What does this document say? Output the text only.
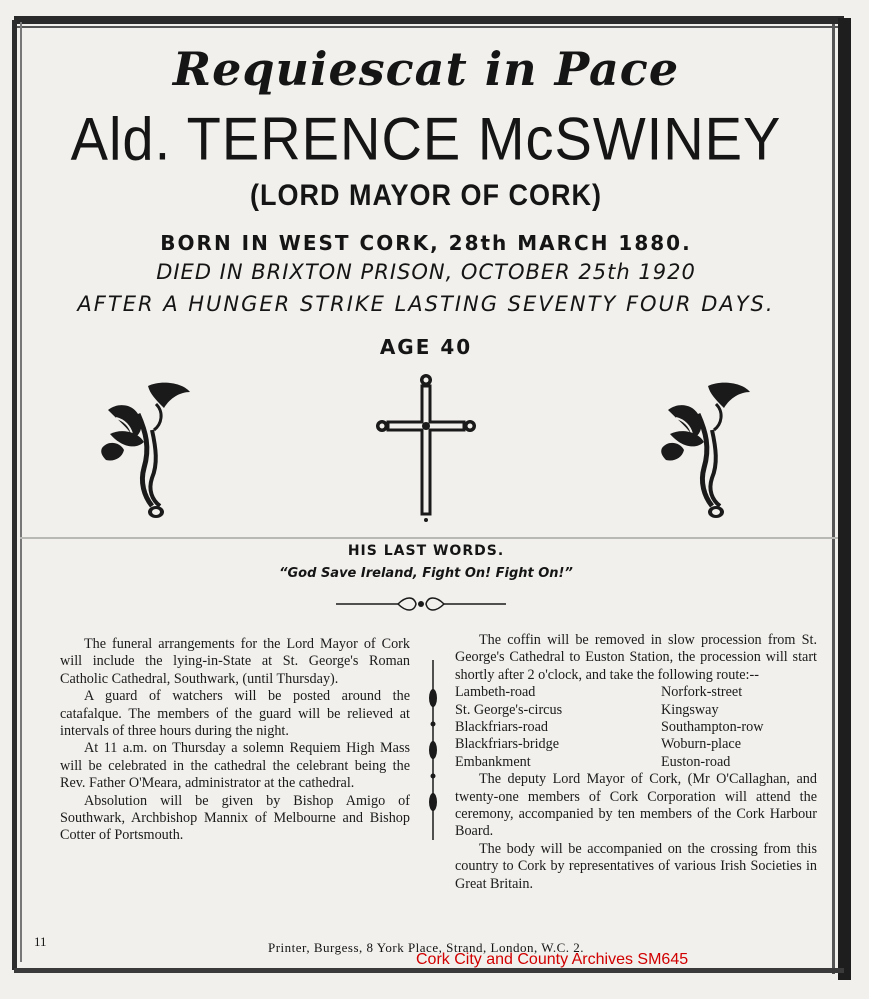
Requiescat in Pace
Ald. TERENCE McSWINEY
(LORD MAYOR OF CORK)
BORN IN WEST CORK, 28th MARCH 1880.
DIED IN BRIXTON PRISON, OCTOBER 25th 1920
AFTER A HUNGER STRIKE LASTING SEVENTY FOUR DAYS.
AGE 40
HIS LAST WORDS.
“God Save Ireland, Fight On! Fight On!”

The funeral arrangements for the Lord Mayor of Cork will include the lying-in-State at St. George's Roman Catholic Cathedral, Southwark, (until Thursday).

A guard of watchers will be posted around the catafalque. The members of the guard will be relieved at intervals of three hours during the night.

At 11 a.m. on Thursday a solemn Requiem High Mass will be celebrated in the cathedral the celebrant being the Rev. Father O'Meara, administrator at the cathedral.

Absolution will be given by Bishop Amigo of Southwark, Archbishop Mannix of Melbourne and Bishop Cotter of Portsmouth.

The coffin will be removed in slow procession from St. George's Cathedral to Euston Station, the procession will start shortly after 2 o'clock, and take the following route:--

Lambeth-road	Norfork-street
St. George's-circus	Kingsway
Blackfriars-road	Southampton-row
Blackfriars-bridge	Woburn-place
Embankment	Euston-road

The deputy Lord Mayor of Cork, (Mr O'Callaghan, and twenty-one members of Cork Corporation will attend the ceremony, accompanied by ten members of the Cork Harbour Board.

The body will be accompanied on the crossing from this country to Cork by representatives of various Irish Societies in Great Britain.

11	Printer, Burgess, 8 York Place, Strand, London, W.C. 2.
Cork City and County Archives SM645
